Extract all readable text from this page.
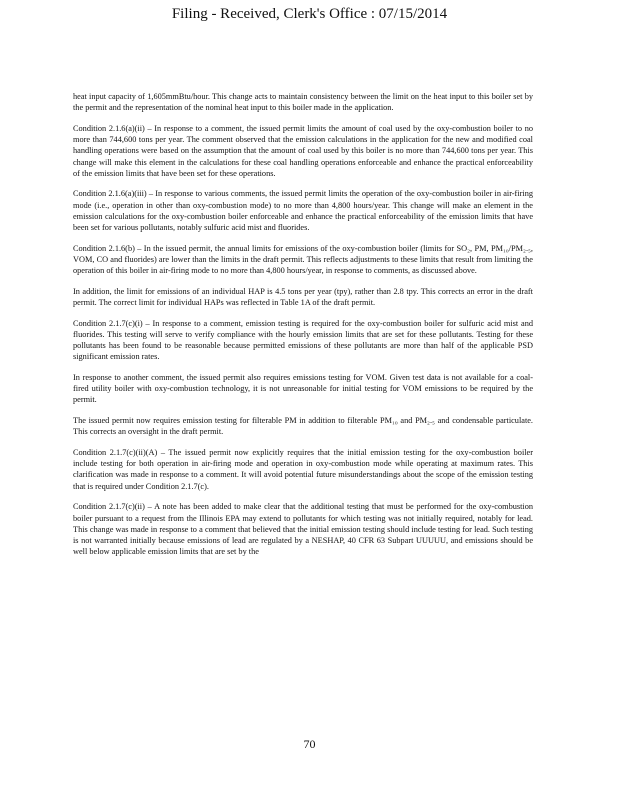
Filing - Received, Clerk's Office : 07/15/2014

heat input capacity of 1,605mmBtu/hour. This change acts to maintain consistency between the limit on the heat input to this boiler set by the permit and the representation of the nominal heat input to this boiler made in the application.

Condition 2.1.6(a)(ii) – In response to a comment, the issued permit limits the amount of coal used by the oxy-combustion boiler to no more than 744,600 tons per year. The comment observed that the emission calculations in the application for the new and modified coal handling operations were based on the assumption that the amount of coal used by this boiler is no more than 744,600 tons per year. This change will make this element in the calculations for these coal handling operations enforceable and enhance the practical enforceability of the emission limits that have been set for these operations.

Condition 2.1.6(a)(iii) – In response to various comments, the issued permit limits the operation of the oxy-combustion boiler in air-firing mode (i.e., operation in other than oxy-combustion mode) to no more than 4,800 hours/year. This change will make an element in the emission calculations for the oxy-combustion boiler enforceable and enhance the practical enforceability of the emission limits that have been set for various pollutants, notably sulfuric acid mist and fluorides.

Condition 2.1.6(b) – In the issued permit, the annual limits for emissions of the oxy-combustion boiler (limits for SO₂, PM, PM₁₀/PM₂.₅, VOM, CO and fluorides) are lower than the limits in the draft permit. This reflects adjustments to these limits that result from limiting the operation of this boiler in air-firing mode to no more than 4,800 hours/year, in response to comments, as discussed above.

In addition, the limit for emissions of an individual HAP is 4.5 tons per year (tpy), rather than 2.8 tpy. This corrects an error in the draft permit. The correct limit for individual HAPs was reflected in Table 1A of the draft permit.

Condition 2.1.7(c)(i) – In response to a comment, emission testing is required for the oxy-combustion boiler for sulfuric acid mist and fluorides. This testing will serve to verify compliance with the hourly emission limits that are set for these pollutants. Testing for these pollutants has been found to be reasonable because permitted emissions of these pollutants are more than half of the applicable PSD significant emission rates.

In response to another comment, the issued permit also requires emissions testing for VOM. Given test data is not available for a coal-fired utility boiler with oxy-combustion technology, it is not unreasonable for initial testing for VOM emissions to be required by the permit.

The issued permit now requires emission testing for filterable PM in addition to filterable PM₁₀ and PM₂.₅ and condensable particulate. This corrects an oversight in the draft permit.

Condition 2.1.7(c)(ii)(A) – The issued permit now explicitly requires that the initial emission testing for the oxy-combustion boiler include testing for both operation in air-firing mode and operation in oxy-combustion mode while operating at maximum rates. This clarification was made in response to a comment. It will avoid potential future misunderstandings about the scope of the emission testing that is required under Condition 2.1.7(c).

Condition 2.1.7(c)(ii) – A note has been added to make clear that the additional testing that must be performed for the oxy-combustion boiler pursuant to a request from the Illinois EPA may extend to pollutants for which testing was not initially required, notably for lead. This change was made in response to a comment that believed that the initial emission testing should include testing for lead. Such testing is not warranted initially because emissions of lead are regulated by a NESHAP, 40 CFR 63 Subpart UUUUU, and emissions should be well below applicable emission limits that are set by the

70
